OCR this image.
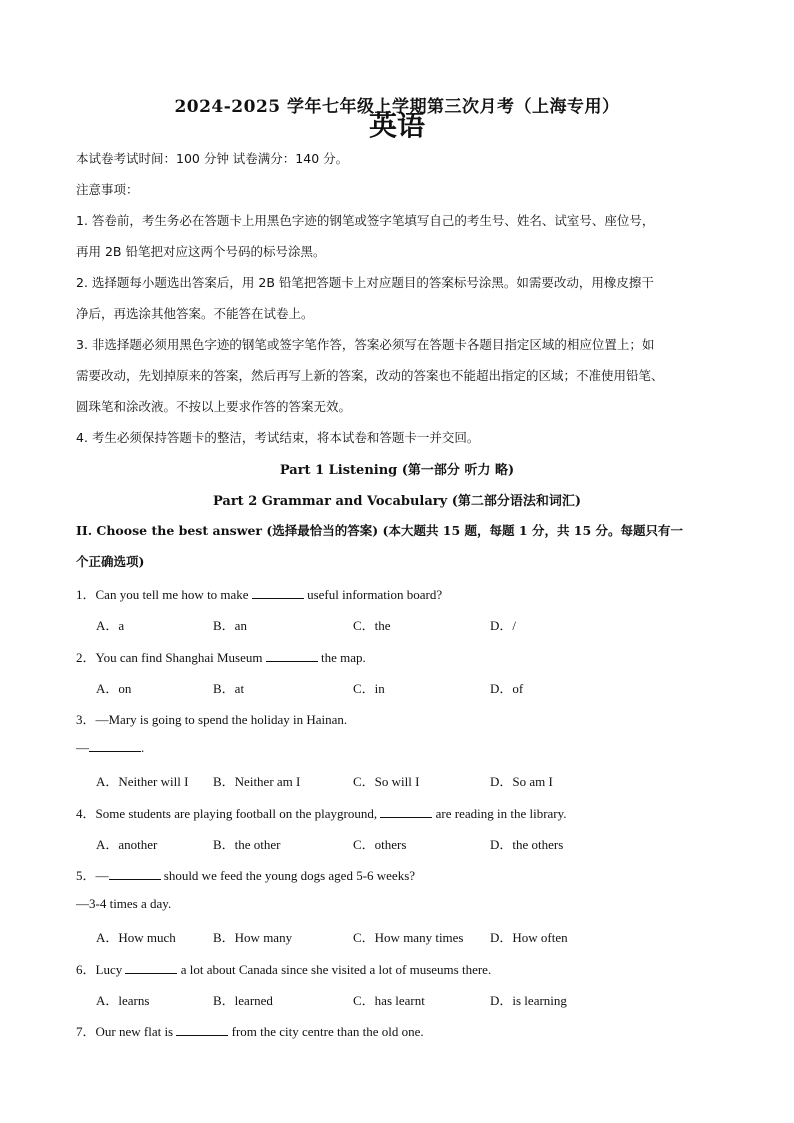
2024-2025 学年七年级上学期第三次月考（上海专用）
英语
本试卷考试时间：100 分钟 试卷满分：140 分。
注意事项：
1. 答卷前，考生务必在答题卡上用黑色字迹的钢笔或签字笔填写自己的考生号、姓名、试室号、座位号，
再用 2B 铅笔把对应这两个号码的标号涂黑。
2. 选择题每小题选出答案后，用 2B 铅笔把答题卡上对应题目的答案标号涂黑。如需要改动，用橡皮擦干
净后，再选涂其他答案。不能答在试卷上。
3. 非选择题必须用黑色字迹的钢笔或签字笔作答，答案必须写在答题卡各题目指定区域的相应位置上；如
需要改动，先划掉原来的答案，然后再写上新的答案，改动的答案也不能超出指定的区域；不准使用铅笔、
圆珠笔和涂改液。不按以上要求作答的答案无效。
4. 考生必须保持答题卡的整洁，考试结束，将本试卷和答题卡一并交回。
Part 1 Listening (第一部分 听力 略)
Part 2 Grammar and Vocabulary (第二部分语法和词汇)
II. Choose the best answer (选择最恰当的答案) (本大题共 15 题，每题 1 分，共 15 分。每题只有一
个正确选项)
1．Can you tell me how to make	useful information board?
A．a	B．an	C．the	D．/
2．You can find Shanghai Museum	the map.
A．on	B．at	C．in	D．of
3．—Mary is going to spend the holiday in Hainan.
—	.
A．Neither will I B．Neither am I	C．So will I	D．So am I
4．Some students are playing football on the playground,	are reading in the library.
A．another	B．the other	C．others	D．the others
5．—	should we feed the young dogs aged 5-6 weeks?
—3-4 times a day.
A．How much	B．How many	C．How many times D．How often
6．Lucy	a lot about Canada since she visited a lot of museums there.
A．learns	B．learned	C．has learnt	D．is learning
7．Our new flat is	from the city centre than the old one.
